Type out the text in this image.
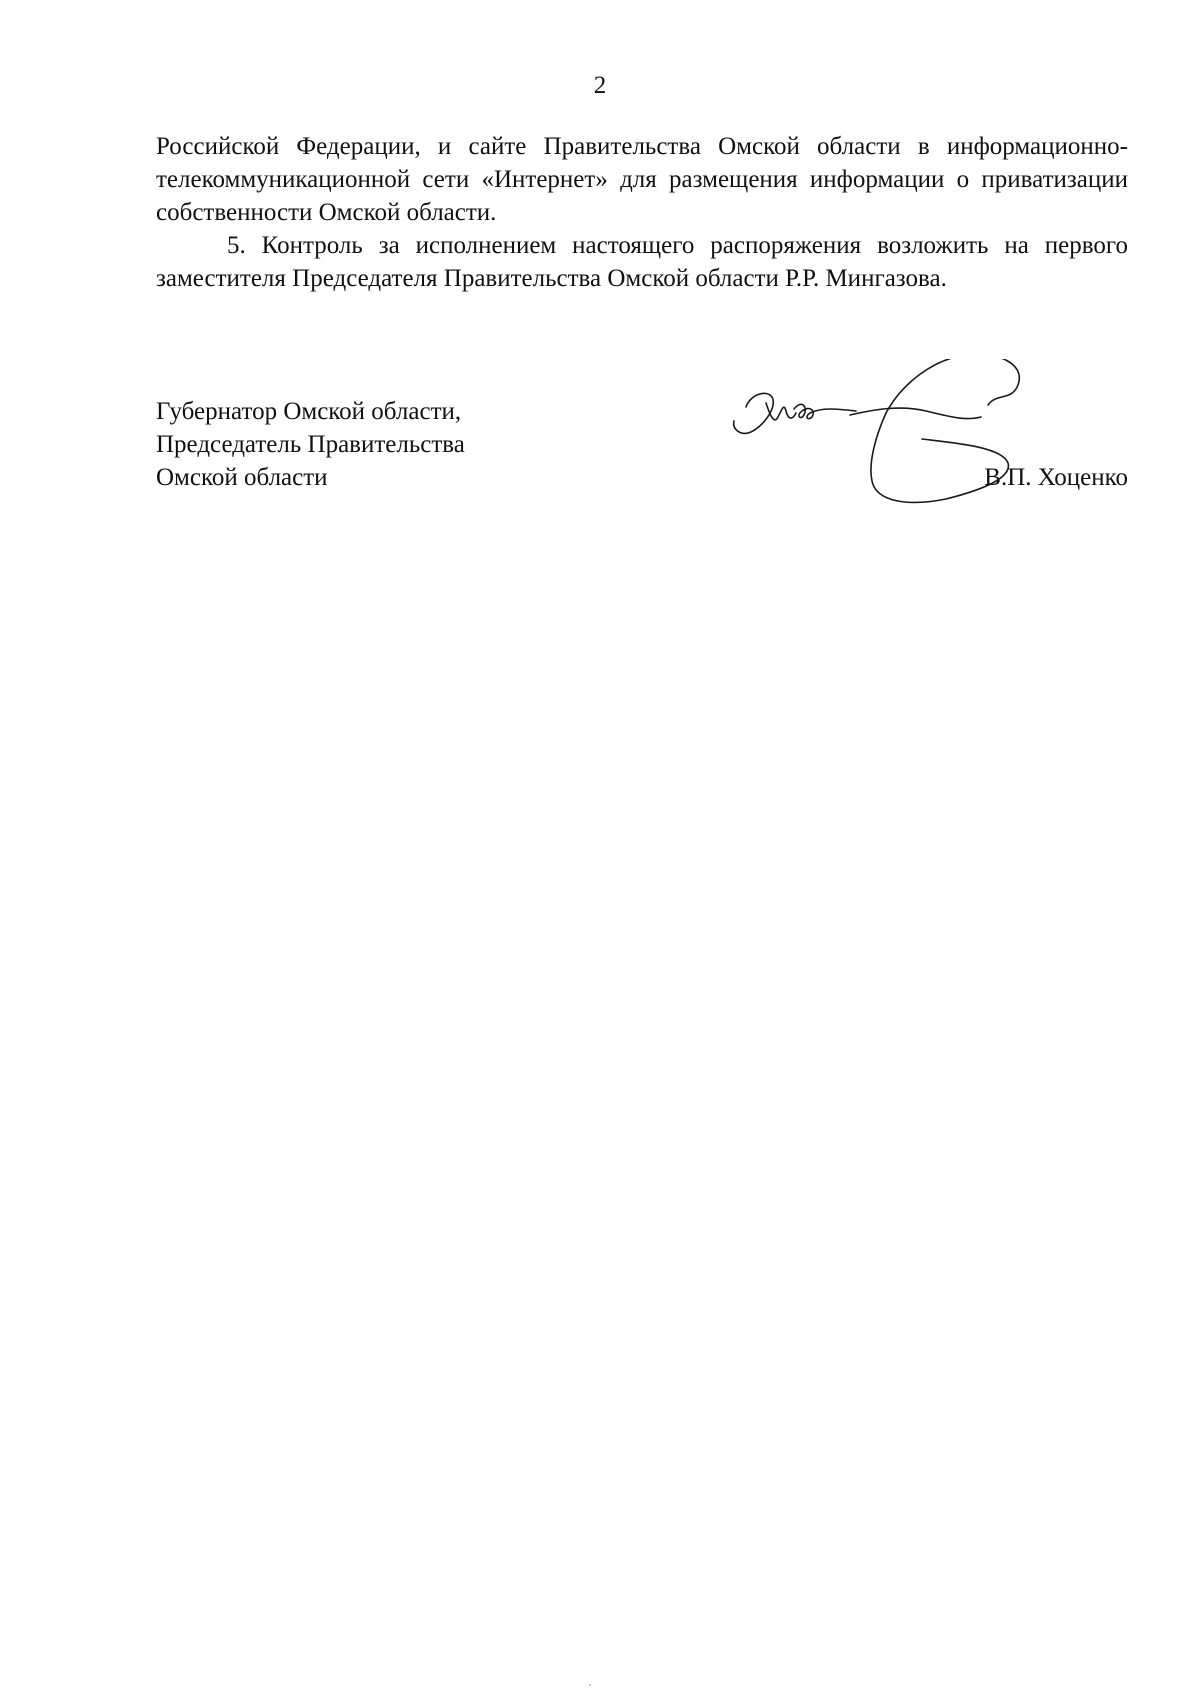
2

Российской Федерации, и сайте Правительства Омской области в информационно-телекоммуникационной сети «Интернет» для размещения информации о приватизации собственности Омской области.

5. Контроль за исполнением настоящего распоряжения возложить на первого заместителя Председателя Правительства Омской области Р.Р. Мингазова.

Губернатор Омской области,
Председатель Правительства
Омской области	В.П. Хоценко
